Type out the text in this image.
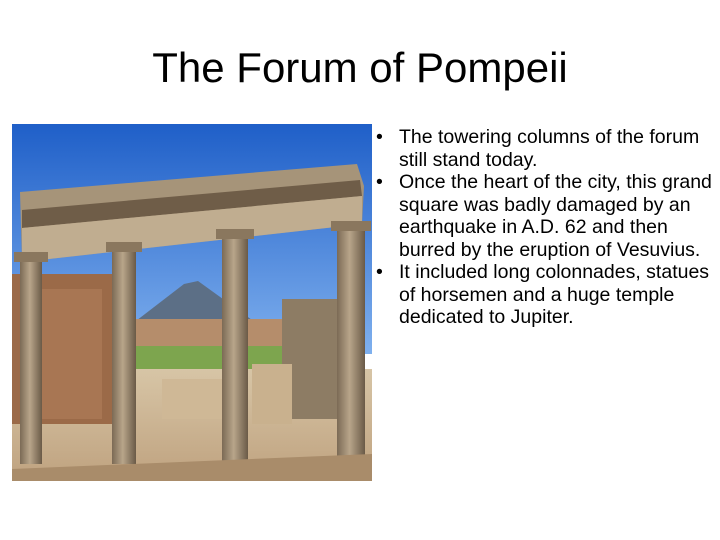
The Forum of Pompeii
• The towering columns of the forum still stand today.
• Once the heart of the city, this grand square was badly damaged by an earthquake in A.D. 62 and then burred by the eruption of Vesuvius.
• It included long colonnades, statues of horsemen and a huge temple dedicated to Jupiter.
